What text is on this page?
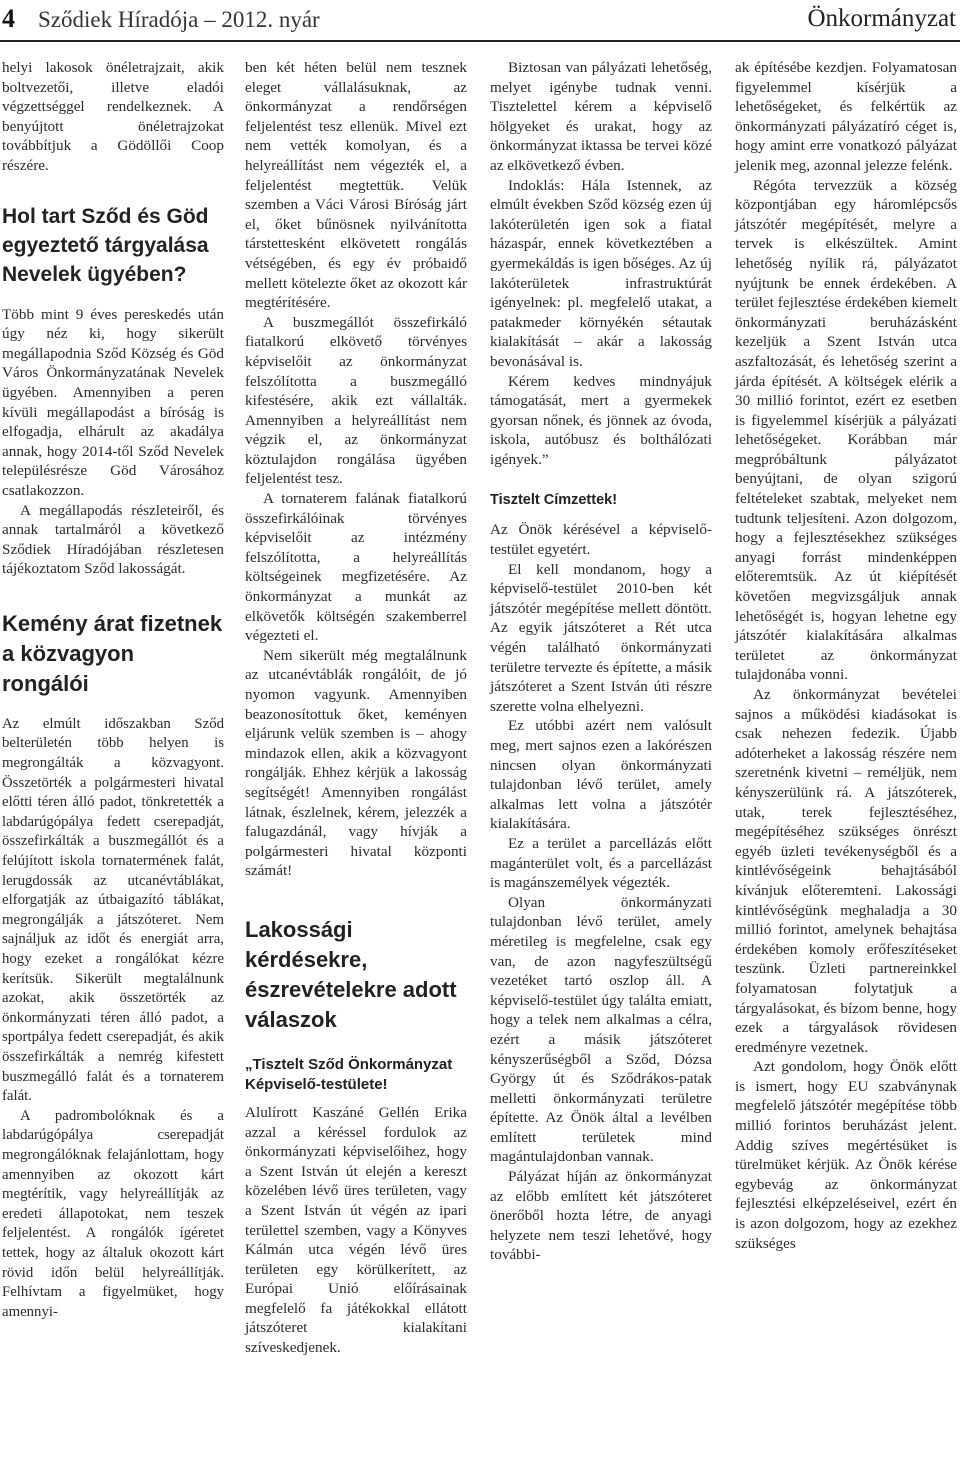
4 Sződiek Híradója – 2012. nyár	Önkormányzat

helyi lakosok önéletrajzait, akik boltvezetői, illetve eladói végzettséggel rendelkeznek. A benyújtott önéletrajzokat továbbítjuk a Gödöllői Coop részére.

Hol tart Sződ és Göd egyeztető tárgyalása Nevelek ügyében?

Több mint 9 éves pereskedés után úgy néz ki, hogy sikerült megállapodnia Sződ Község és Göd Város Önkormányzatának Nevelek ügyében. Amennyiben a peren kívüli megállapodást a bíróság is elfogadja, elhárult az akadálya annak, hogy 2014-től Sződ Nevelek településrésze Göd Városához csatlakozzon.

A megállapodás részleteiről, és annak tartalmáról a következő Sződiek Híradójában részletesen tájékoztatom Sződ lakosságát.

Kemény árat fizetnek a közvagyon rongálói

Az elmúlt időszakban Sződ belterületén több helyen is megrongálták a közvagyont. Összetörték a polgármesteri hivatal előtti téren álló padot, tönkretették a labdarúgópálya fedett cserepadját, összefirkálták a buszmegállót és a felújított iskola tornatermének falát, lerugdossák az utcanévtáblákat, elforgatják az útbaigazító táblákat, megrongálják a játszóteret. Nem sajnáljuk az időt és energiát arra, hogy ezeket a rongálókat kézre kerítsük. Sikerült megtalálnunk azokat, akik összetörték az önkormányzati téren álló padot, a sportpálya fedett cserepadját, és akik összefirkálták a nemrég kifestett buszmegálló falát és a tornaterem falát.

A padrombolóknak és a labdarúgópálya cserepadját megrongálóknak felajánlottam, hogy amennyiben az okozott kárt megtérítik, vagy helyreállítják az eredeti állapotokat, nem teszek feljelentést. A rongálók ígéretet tettek, hogy az általuk okozott kárt rövid időn belül helyreállítják. Felhívtam a figyelmüket, hogy amennyi-

ben két héten belül nem tesznek eleget vállalásuknak, az önkormányzat a rendőrségen feljelentést tesz ellenük. Mivel ezt nem vették komolyan, és a helyreállítást nem végezték el, a feljelentést megtettük. Velük szemben a Váci Városi Bíróság járt el, őket bűnösnek nyilvánította társtettesként elkövetett rongálás vétségében, és egy év próbaidő mellett kötelezte őket az okozott kár megtérítésére.

A buszmegállót összefirkáló fiatalkorú elkövető törvényes képviselőit az önkormányzat felszólította a buszmegálló kifestésére, akik ezt vállalták. Amennyiben a helyreállítást nem végzik el, az önkormányzat köztulajdon rongálása ügyében feljelentést tesz.

A tornaterem falának fiatalkorú összefirkálóinak törvényes képviselőit az intézmény felszólította, a helyreállítás költségeinek megfizetésére. Az önkormányzat a munkát az elkövetők költségén szakemberrel végezteti el.

Nem sikerült még megtalálnunk az utcanévtáblák rongálóit, de jó nyomon vagyunk. Amennyiben beazonosítottuk őket, keményen eljárunk velük szemben is – ahogy mindazok ellen, akik a közvagyont rongálják. Ehhez kérjük a lakosság segítségét! Amennyiben rongálást látnak, észlelnek, kérem, jelezzék a falugazdánál, vagy hívják a polgármesteri hivatal központi számát!

Lakossági kérdésekre, észrevételekre adott válaszok
„Tisztelt Sződ Önkormányzat Képviselő-testülete!

Alulírott Kaszáné Gellén Erika azzal a kéréssel fordulok az önkormányzati képviselőihez, hogy a Szent István út elején a kereszt közelében lévő üres területen, vagy a Szent István út végén az ipari területtel szemben, vagy a Könyves Kálmán utca végén lévő üres területen egy körülkerített, az Európai Unió előírásainak megfelelő fa játékokkal ellátott játszóteret kialakítani szíveskedjenek.

Biztosan van pályázati lehetőség, melyet igénybe tudnak venni. Tisztelettel kérem a képviselő hölgyeket és urakat, hogy az önkormányzat iktassa be tervei közé az elkövetkező évben.

Indoklás: Hála Istennek, az elmúlt években Sződ község ezen új lakóterületén igen sok a fiatal házaspár, ennek következtében a gyermekáldás is igen bőséges. Az új lakóterületek infrastruktúrát igényelnek: pl. megfelelő utakat, a patakmeder környékén sétautak kialakítását – akár a lakosság bevonásával is.

Kérem kedves mindnyájuk támogatását, mert a gyermekek gyorsan nőnek, és jönnek az óvoda, iskola, autóbusz és bolthálózati igények.”

Tisztelt Címzettek!

Az Önök kérésével a képviselő-testület egyetért.

El kell mondanom, hogy a képviselő-testület 2010-ben két játszótér megépítése mellett döntött. Az egyik játszóteret a Rét utca végén található önkormányzati területre tervezte és építette, a másik játszóteret a Szent István úti részre szerette volna elhelyezni.

Ez utóbbi azért nem valósult meg, mert sajnos ezen a lakórészen nincsen olyan önkormányzati tulajdonban lévő terület, amely alkalmas lett volna a játszótér kialakítására.

Ez a terület a parcellázás előtt magánterület volt, és a parcellázást is magánszemélyek végezték.

Olyan önkormányzati tulajdonban lévő terület, amely méretileg is megfelelne, csak egy van, de azon nagyfeszültségű vezetéket tartó oszlop áll. A képviselő-testület úgy találta emiatt, hogy a telek nem alkalmas a célra, ezért a másik játszóteret kényszerűségből a Sződ, Dózsa György út és Sződrákos-patak melletti önkormányzati területre építette. Az Önök által a levélben említett területek mind magántulajdonban vannak.

Pályázat híján az önkormányzat az előbb említett két játszóteret önerőből hozta létre, de anyagi helyzete nem teszi lehetővé, hogy további-

ak építésébe kezdjen. Folyamatosan figyelemmel kísérjük a lehetőségeket, és felkértük az önkormányzati pályázatíró céget is, hogy amint erre vonatkozó pályázat jelenik meg, azonnal jelezze felénk.

Régóta tervezzük a község központjában egy háromlépcsős játszótér megépítését, melyre a tervek is elkészültek. Amint lehetőség nyílik rá, pályázatot nyújtunk be ennek érdekében. A terület fejlesztése érdekében kiemelt önkormányzati beruházásként kezeljük a Szent István utca aszfaltozását, és lehetőség szerint a járda építését. A költségek elérik a 30 millió forintot, ezért ez esetben is figyelemmel kísérjük a pályázati lehetőségeket. Korábban már megpróbáltunk pályázatot benyújtani, de olyan szigorú feltételeket szabtak, melyeket nem tudtunk teljesíteni. Azon dolgozom, hogy a fejlesztésekhez szükséges anyagi forrást mindenképpen előteremtsük. Az út kiépítését követően megvizsgáljuk annak lehetőségét is, hogyan lehetne egy játszótér kialakítására alkalmas területet az önkormányzat tulajdonába vonni.

Az önkormányzat bevételei sajnos a működési kiadásokat is csak nehezen fedezik. Újabb adóterheket a lakosság részére nem szeretnénk kivetni – reméljük, nem kényszerülünk rá. A játszóterek, utak, terek fejlesztéséhez, megépítéséhez szükséges önrészt egyéb üzleti tevékenységből és a kintlévőségeink behajtásából kívánjuk előteremteni. Lakossági kintlévőségünk meghaladja a 30 millió forintot, amelynek behajtása érdekében komoly erőfeszítéseket teszünk. Üzleti partnereinkkel folyamatosan folytatjuk a tárgyalásokat, és bízom benne, hogy ezek a tárgyalások rövidesen eredményre vezetnek.

Azt gondolom, hogy Önök előtt is ismert, hogy EU szabványnak megfelelő játszótér megépítése több millió forintos beruházást jelent. Addig szíves megértésüket is türelmüket kérjük. Az Önök kérése egybevág az önkormányzat fejlesztési elképzeléseivel, ezért én is azon dolgozom, hogy az ezekhez szükséges
